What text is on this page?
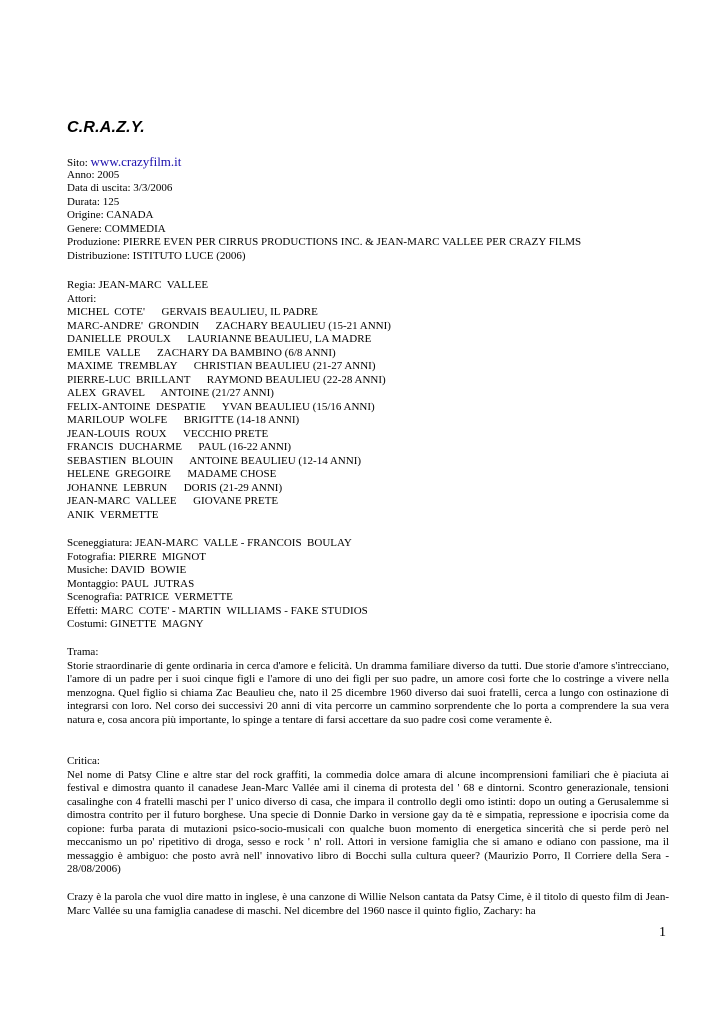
C.R.A.Z.Y.
Sito: www.crazyfilm.it
Anno: 2005
Data di uscita: 3/3/2006
Durata: 125
Origine: CANADA
Genere: COMMEDIA
Produzione: PIERRE EVEN PER CIRRUS PRODUCTIONS INC. & JEAN-MARC VALLEE PER CRAZY FILMS
Distribuzione: ISTITUTO LUCE (2006)
Regia: JEAN-MARC  VALLEE
Attori:
MICHEL  COTE'      GERVAIS BEAULIEU, IL PADRE
MARC-ANDRE'  GRONDIN      ZACHARY BEAULIEU (15-21 ANNI)
DANIELLE  PROULX      LAURIANNE BEAULIEU, LA MADRE
EMILE  VALLE      ZACHARY DA BAMBINO (6/8 ANNI)
MAXIME  TREMBLAY      CHRISTIAN BEAULIEU (21-27 ANNI)
PIERRE-LUC  BRILLANT      RAYMOND BEAULIEU (22-28 ANNI)
ALEX  GRAVEL      ANTOINE (21/27 ANNI)
FELIX-ANTOINE  DESPATIE      YVAN BEAULIEU (15/16 ANNI)
MARILOUP  WOLFE      BRIGITTE (14-18 ANNI)
JEAN-LOUIS  ROUX      VECCHIO PRETE
FRANCIS  DUCHARME      PAUL (16-22 ANNI)
SEBASTIEN  BLOUIN      ANTOINE BEAULIEU (12-14 ANNI)
HELENE  GREGOIRE      MADAME CHOSE
JOHANNE  LEBRUN      DORIS (21-29 ANNI)
JEAN-MARC  VALLEE      GIOVANE PRETE
ANIK  VERMETTE
Sceneggiatura: JEAN-MARC  VALLE - FRANCOIS  BOULAY
Fotografia: PIERRE  MIGNOT
Musiche: DAVID  BOWIE
Montaggio: PAUL  JUTRAS
Scenografia: PATRICE  VERMETTE
Effetti: MARC  COTE' - MARTIN  WILLIAMS - FAKE STUDIOS
Costumi: GINETTE  MAGNY
Trama:
Storie straordinarie di gente ordinaria in cerca d'amore e felicità. Un dramma familiare diverso da tutti. Due storie d'amore s'intrecciano, l'amore di un padre per i suoi cinque figli e l'amore di uno dei figli per suo padre, un amore così forte che lo costringe a vivere nella menzogna. Quel figlio si chiama Zac Beaulieu che, nato il 25 dicembre 1960 diverso dai suoi fratelli, cerca a lungo con ostinazione di integrarsi con loro. Nel corso dei successivi 20 anni di vita percorre un cammino sorprendente che lo porta a comprendere la sua vera natura e, cosa ancora più importante, lo spinge a tentare di farsi accettare da suo padre così come veramente è.
Critica:
Nel nome di Patsy Cline e altre star del rock graffiti, la commedia dolce amara di alcune incomprensioni familiari che è piaciuta ai festival e dimostra quanto il canadese Jean-Marc Vallée ami il cinema di protesta del ' 68 e dintorni. Scontro generazionale, tensioni casalinghe con 4 fratelli maschi per l' unico diverso di casa, che impara il controllo degli omo istinti: dopo un outing a Gerusalemme si dimostra contrito per il futuro borghese. Una specie di Donnie Darko in versione gay da tè e simpatia, repressione e ipocrisia come da copione: furba parata di mutazioni psico-socio-musicali con qualche buon momento di energetica sincerità che si perde però nel meccanismo un po' ripetitivo di droga, sesso e rock ' n' roll. Attori in versione famiglia che si amano e odiano con passione, ma il messaggio è ambiguo: che posto avrà nell' innovativo libro di Bocchi sulla cultura queer? (Maurizio Porro, Il Corriere della Sera - 28/08/2006)
Crazy è la parola che vuol dire matto in inglese, è una canzone di Willie Nelson cantata da Patsy Cime, è il titolo di questo film di Jean-Marc Vallée su una famiglia canadese di maschi. Nel dicembre del 1960 nasce il quinto figlio, Zachary: ha
1
